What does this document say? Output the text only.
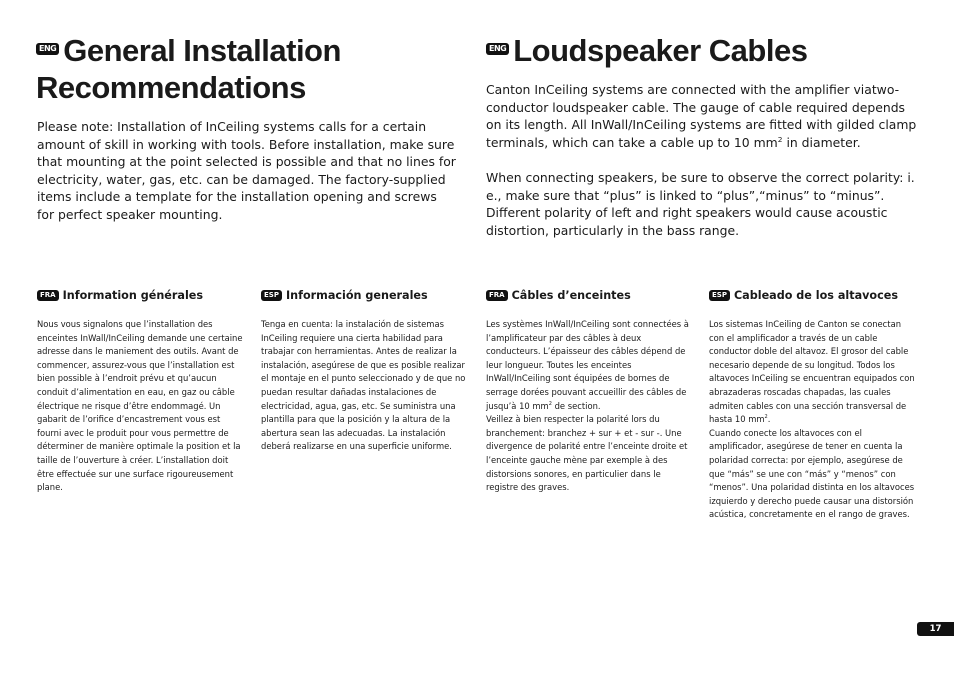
ENG General Installation
Recommendations

Please note: Installation of InCeiling systems calls for a certain amount of skill in working with tools. Before installation, make sure that mounting at the point selected is possible and that no lines for electricity, water, gas, etc. can be damaged. The factory-supplied items include a template for the installation opening and screws for perfect speaker mounting.

ENG Loudspeaker Cables

Canton InCeiling systems are connected with the amplifier viatwo-conductor loudspeaker cable. The gauge of cable required depends on its length. All InWall/InCeiling systems are fitted with gilded clamp terminals, which can take a cable up to 10 $mm^2$ in diameter.

When connecting speakers, be sure to observe the correct polarity: i. e., make sure that “plus” is linked to “plus”,“minus” to “minus”. Different polarity of left and right speakers would cause acoustic distortion, particularly in the bass range.

FRA Information générales

Nous vous signalons que l’installation des enceintes InWall/InCeiling demande une certaine adresse dans le maniement des outils. Avant de commencer, assurez-vous que l’installation est bien possible à l’endroit prévu et qu’aucun conduit d’alimentation en eau, en gaz ou câble électrique ne risque d’être endommagé. Un gabarit de l’orifice d’encastrement vous est fourni avec le produit pour vous permettre de déterminer de manière optimale la position et la taille de l’ouverture à créer. L’installation doit être effectuée sur une surface rigoureusement plane.

ESP Información generales

Tenga en cuenta: la instalación de sistemas InCeiling requiere una cierta habilidad para trabajar con herramientas. Antes de realizar la instalación, asegúrese de que es posible realizar el montaje en el punto seleccionado y de que no puedan resultar dañadas instalaciones de electricidad, agua, gas, etc. Se suministra una plantilla para que la posición y la altura de la abertura sean las adecuadas. La instalación deberá realizarse en una superficie uniforme.

FRA Câbles d’enceintes

Les systèmes InWall/InCeiling sont connectées à l’amplificateur par des câbles à deux conducteurs. L’épaisseur des câbles dépend de leur longueur. Toutes les enceintes InWall/InCeiling sont équipées de bornes de serrage dorées pouvant accueillir des câbles de jusqu’à 10 $mm^2$ de section.

Veillez à bien respecter la polarité lors du branchement: branchez + sur + et - sur -. Une divergence de polarité entre l’enceinte droite et l’enceinte gauche mène par exemple à des distorsions sonores, en particulier dans le registre des graves.

ESP Cableado de los altavoces

Los sistemas InCeiling de Canton se conectan con el amplificador a través de un cable conductor doble del altavoz. El grosor del cable necesario depende de su longitud. Todos los altavoces InCeiling se encuentran equipados con abrazaderas roscadas chapadas, las cuales admiten cables con una sección transversal de hasta 10 $mm^2$.

Cuando conecte los altavoces con el amplificador, asegúrese de tener en cuenta la polaridad correcta: por ejemplo, asegúrese de que “más” se une con “más” y “menos” con “menos”. Una polaridad distinta en los altavoces izquierdo y derecho puede causar una distorsión acústica, concretamente en el rango de graves.

17
